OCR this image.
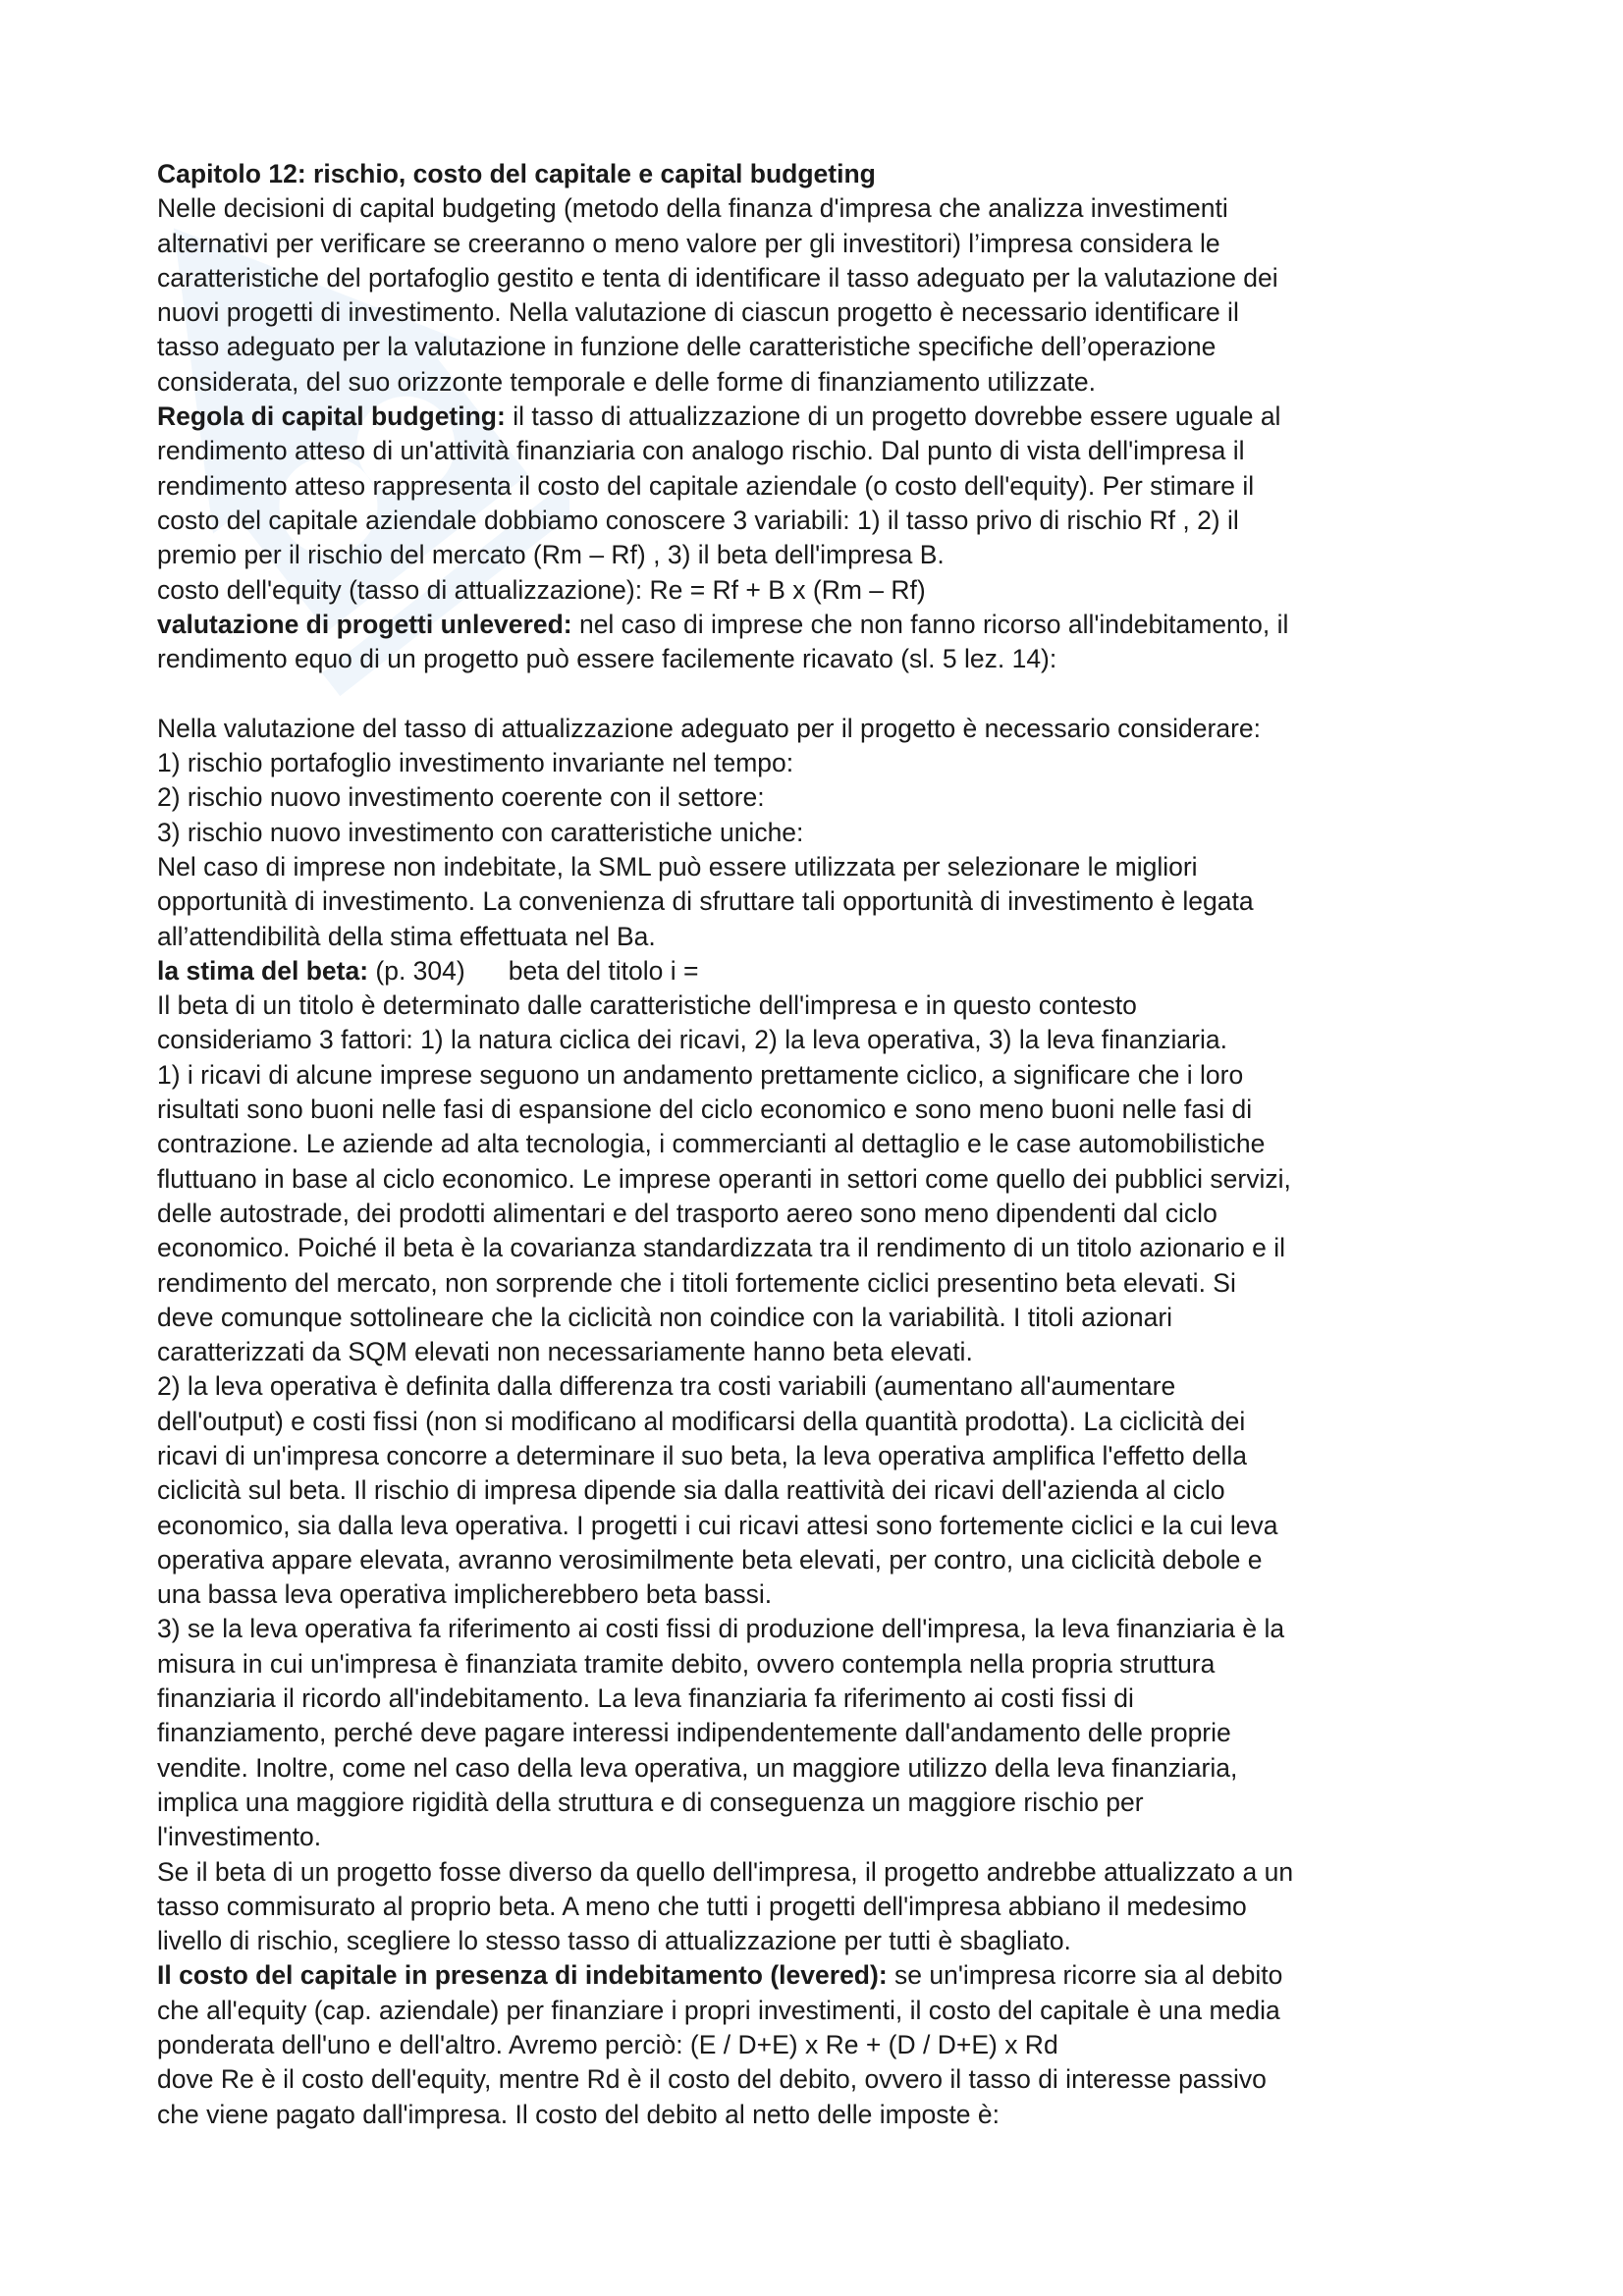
Capitolo 12: rischio, costo del capitale e capital budgeting
Nelle decisioni di capital budgeting (metodo della finanza d'impresa che analizza investimenti
alternativi per verificare se creeranno o meno valore per gli investitori) l’impresa considera le
caratteristiche del portafoglio gestito e tenta di identificare il tasso adeguato per la valutazione dei
nuovi progetti di investimento. Nella valutazione di ciascun progetto è necessario identificare il
tasso adeguato per la valutazione in funzione delle caratteristiche specifiche dell’operazione
considerata, del suo orizzonte temporale e delle forme di finanziamento utilizzate.
Regola di capital budgeting: il tasso di attualizzazione di un progetto dovrebbe essere uguale al
rendimento atteso di un'attività finanziaria con analogo rischio. Dal punto di vista dell'impresa il
rendimento atteso rappresenta il costo del capitale aziendale (o costo dell'equity). Per stimare il
costo del capitale aziendale dobbiamo conoscere 3 variabili: 1) il tasso privo di rischio Rf , 2) il
premio per il rischio del mercato (Rm – Rf) , 3) il beta dell'impresa B.
costo dell'equity (tasso di attualizzazione): Re = Rf + B x (Rm – Rf)
valutazione di progetti unlevered: nel caso di imprese che non fanno ricorso all'indebitamento, il
rendimento equo di un progetto può essere facilemente ricavato (sl. 5 lez. 14):
Nella valutazione del tasso di attualizzazione adeguato per il progetto è necessario considerare:
1) rischio portafoglio investimento invariante nel tempo:
2) rischio nuovo investimento coerente con il settore:
3) rischio nuovo investimento con caratteristiche uniche:
Nel caso di imprese non indebitate, la SML può essere utilizzata per selezionare le migliori
opportunità di investimento. La convenienza di sfruttare tali opportunità di investimento è legata
all’attendibilità della stima effettuata nel Ba.
la stima del beta: (p. 304) beta del titolo i =
Il beta di un titolo è determinato dalle caratteristiche dell'impresa e in questo contesto
consideriamo 3 fattori: 1) la natura ciclica dei ricavi, 2) la leva operativa, 3) la leva finanziaria.
1) i ricavi di alcune imprese seguono un andamento prettamente ciclico, a significare che i loro
risultati sono buoni nelle fasi di espansione del ciclo economico e sono meno buoni nelle fasi di
contrazione. Le aziende ad alta tecnologia, i commercianti al dettaglio e le case automobilistiche
fluttuano in base al ciclo economico. Le imprese operanti in settori come quello dei pubblici servizi,
delle autostrade, dei prodotti alimentari e del trasporto aereo sono meno dipendenti dal ciclo
economico. Poiché il beta è la covarianza standardizzata tra il rendimento di un titolo azionario e il
rendimento del mercato, non sorprende che i titoli fortemente ciclici presentino beta elevati. Si
deve comunque sottolineare che la ciclicità non coindice con la variabilità. I titoli azionari
caratterizzati da SQM elevati non necessariamente hanno beta elevati.
2) la leva operativa è definita dalla differenza tra costi variabili (aumentano all'aumentare
dell'output) e costi fissi (non si modificano al modificarsi della quantità prodotta). La ciclicità dei
ricavi di un'impresa concorre a determinare il suo beta, la leva operativa amplifica l'effetto della
ciclicità sul beta. Il rischio di impresa dipende sia dalla reattività dei ricavi dell'azienda al ciclo
economico, sia dalla leva operativa. I progetti i cui ricavi attesi sono fortemente ciclici e la cui leva
operativa appare elevata, avranno verosimilmente beta elevati, per contro, una ciclicità debole e
una bassa leva operativa implicherebbero beta bassi.
3) se la leva operativa fa riferimento ai costi fissi di produzione dell'impresa, la leva finanziaria è la
misura in cui un'impresa è finanziata tramite debito, ovvero contempla nella propria struttura
finanziaria il ricordo all'indebitamento. La leva finanziaria fa riferimento ai costi fissi di
finanziamento, perché deve pagare interessi indipendentemente dall'andamento delle proprie
vendite. Inoltre, come nel caso della leva operativa, un maggiore utilizzo della leva finanziaria,
implica una maggiore rigidità della struttura e di conseguenza un maggiore rischio per
l'investimento.
Se il beta di un progetto fosse diverso da quello dell'impresa, il progetto andrebbe attualizzato a un
tasso commisurato al proprio beta. A meno che tutti i progetti dell'impresa abbiano il medesimo
livello di rischio, scegliere lo stesso tasso di attualizzazione per tutti è sbagliato.
Il costo del capitale in presenza di indebitamento (levered): se un'impresa ricorre sia al debito
che all'equity (cap. aziendale) per finanziare i propri investimenti, il costo del capitale è una media
ponderata dell'uno e dell'altro. Avremo perciò: (E / D+E) x Re + (D / D+E) x Rd
dove Re è il costo dell'equity, mentre Rd è il costo del debito, ovvero il tasso di interesse passivo
che viene pagato dall'impresa. Il costo del debito al netto delle imposte è:
